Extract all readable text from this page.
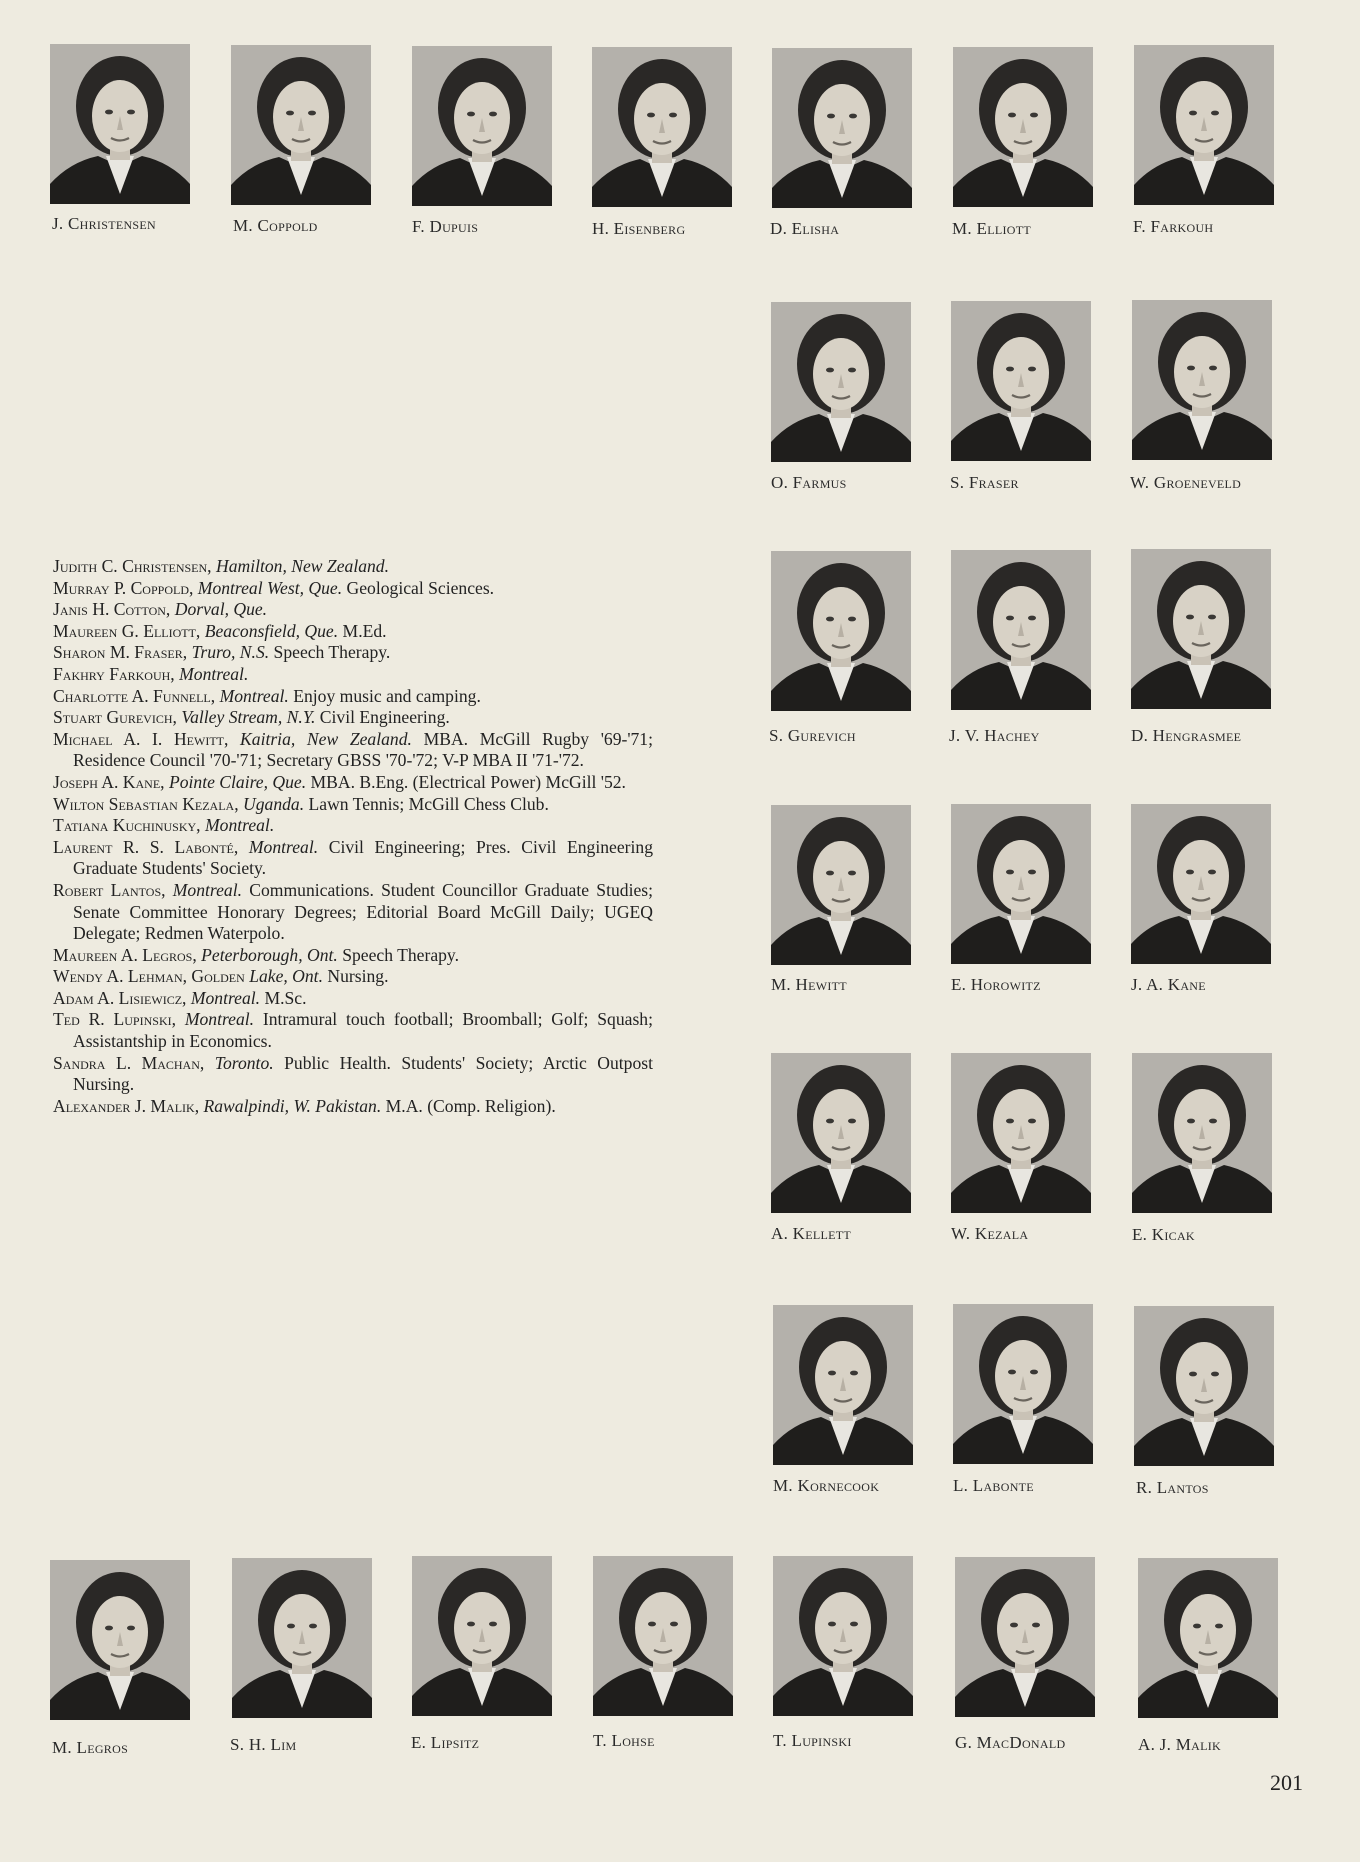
J. Christensen	M. Coppold	F. Dupuis	H. Eisenberg	D. Elisha	M. Elliott	F. Farkouh
O. Farmus	S. Fraser	W. Groeneveld
S. Gurevich	J. V. Hachey	D. Hengrasmee
M. Hewitt	E. Horowitz	J. A. Kane
A. Kellett	W. Kezala	E. Kicak
M. Kornecook	L. Labonte	R. Lantos
M. Legros	S. H. Lim	E. Lipsitz	T. Lohse	T. Lupinski	G. MacDonald	A. J. Malik
Judith C. Christensen, Hamilton, New Zealand.
Murray P. Coppold, Montreal West, Que. Geological Sciences.
Janis H. Cotton, Dorval, Que.
Maureen G. Elliott, Beaconsfield, Que. M.Ed.
Sharon M. Fraser, Truro, N.S. Speech Therapy.
Fakhry Farkouh, Montreal.
Charlotte A. Funnell, Montreal. Enjoy music and camping.
Stuart Gurevich, Valley Stream, N.Y. Civil Engineering.
Michael A. I. Hewitt, Kaitria, New Zealand. MBA. McGill Rugby '69-'71; Residence Council '70-'71; Secretary GBSS '70-'72; V-P MBA II '71-'72.
Joseph A. Kane, Pointe Claire, Que. MBA. B.Eng. (Electrical Power) McGill '52.
Wilton Sebastian Kezala, Uganda. Lawn Tennis; McGill Chess Club.
Tatiana Kuchinusky, Montreal.
Laurent R. S. Labonté, Montreal. Civil Engineering; Pres. Civil Engineering Graduate Students' Society.
Robert Lantos, Montreal. Communications. Student Councillor Graduate Studies; Senate Committee Honorary Degrees; Editorial Board McGill Daily; UGEQ Delegate; Redmen Waterpolo.
Maureen A. Legros, Peterborough, Ont. Speech Therapy.
Wendy A. Lehman, Golden Lake, Ont. Nursing.
Adam A. Lisiewicz, Montreal. M.Sc.
Ted R. Lupinski, Montreal. Intramural touch football; Broomball; Golf; Squash; Assistantship in Economics.
Sandra L. Machan, Toronto. Public Health. Students' Society; Arctic Outpost Nursing.
Alexander J. Malik, Rawalpindi, W. Pakistan. M.A. (Comp. Religion).
201
